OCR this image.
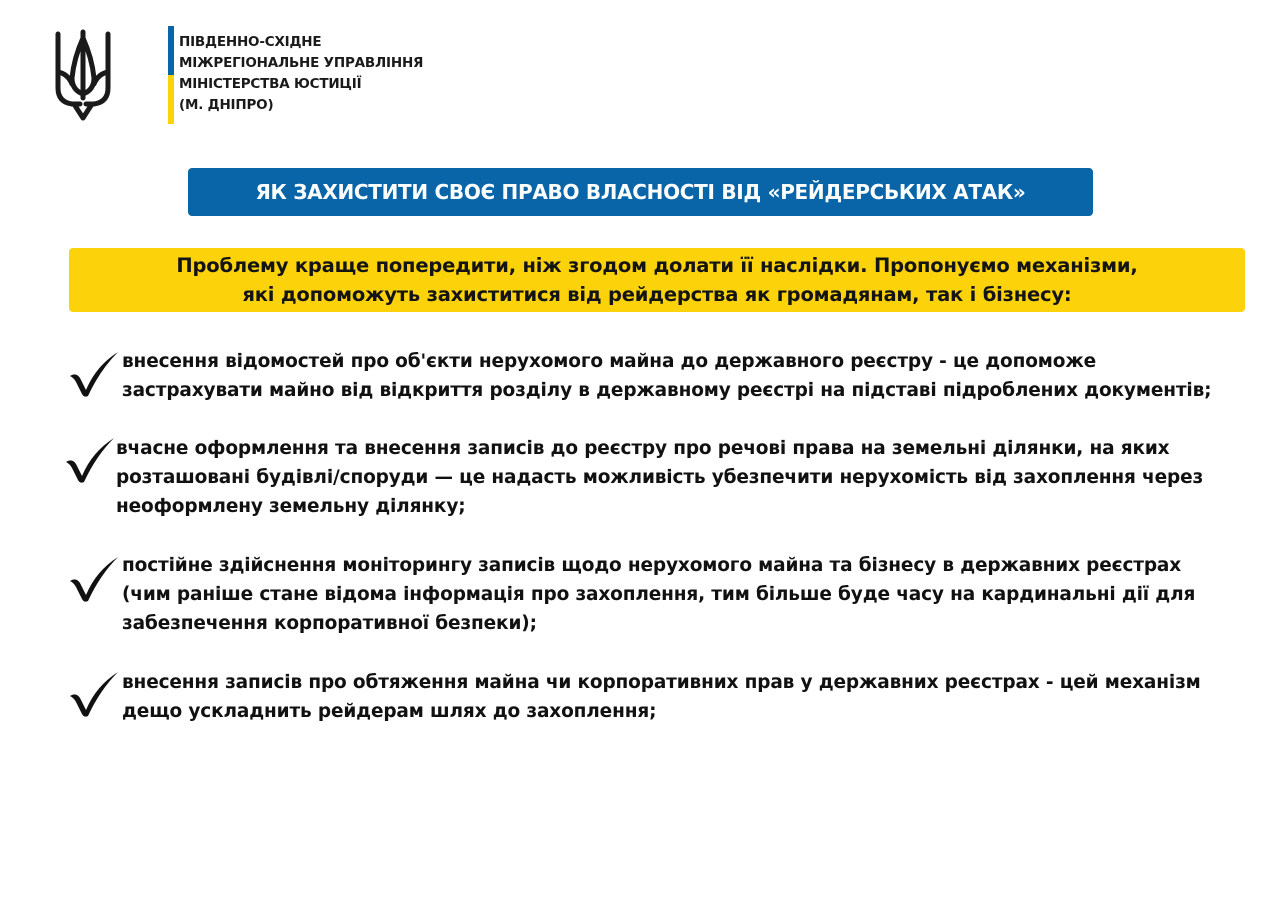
ПІВДЕННО-СХІДНЕ
МІЖРЕГІОНАЛЬНЕ УПРАВЛІННЯ
МІНІСТЕРСТВА ЮСТИЦІЇ
(М. ДНІПРО)
ЯК ЗАХИСТИТИ СВОЄ ПРАВО ВЛАСНОСТІ ВІД «РЕЙДЕРСЬКИХ АТАК»
Проблему краще попередити, ніж згодом долати її наслідки. Пропонуємо механізми,
які допоможуть захиститися від рейдерства як громадянам, так і бізнесу:
внесення відомостей про об'єкти нерухомого майна до державного реєстру - це допоможе
застрахувати майно від відкриття розділу в державному реєстрі на підставі підроблених документів;
вчасне оформлення та внесення записів до реєстру про речові права на земельні ділянки, на яких
розташовані будівлі/споруди — це надасть можливість убезпечити нерухомість від захоплення через
неоформлену земельну ділянку;
постійне здійснення моніторингу записів щодо нерухомого майна та бізнесу в державних реєстрах
(чим раніше стане відома інформація про захоплення, тим більше буде часу на кардинальні дії для
забезпечення корпоративної безпеки);
внесення записів про обтяження майна чи корпоративних прав у державних реєстрах - цей механізм
дещо ускладнить рейдерам шлях до захоплення;
